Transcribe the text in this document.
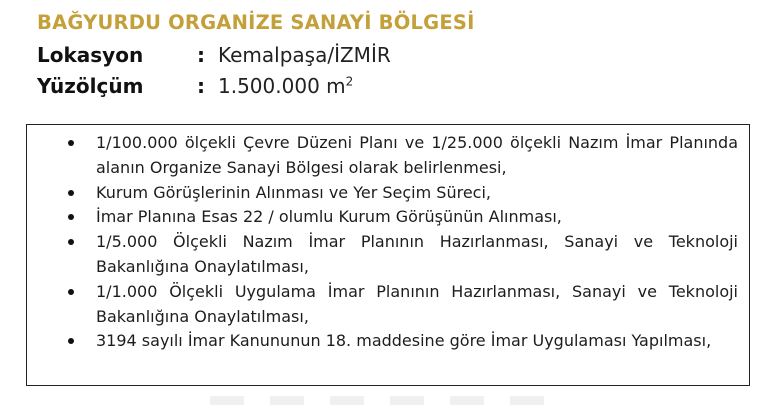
BAĞYURDU ORGANİZE SANAYİ BÖLGESİ
Lokasyon	: Kemalpaşa/İZMİR
Yüzölçüm	: 1.500.000 $m^2$
1/100.000 ölçekli Çevre Düzeni Planı ve 1/25.000 ölçekli Nazım İmar Planında alanın Organize Sanayi Bölgesi olarak belirlenmesi,
Kurum Görüşlerinin Alınması ve Yer Seçim Süreci,
İmar Planına Esas 22 / olumlu Kurum Görüşünün Alınması,
1/5.000 Ölçekli Nazım İmar Planının Hazırlanması, Sanayi ve Teknoloji Bakanlığına Onaylatılması,
1/1.000 Ölçekli Uygulama İmar Planının Hazırlanması, Sanayi ve Teknoloji Bakanlığına Onaylatılması,
3194 sayılı İmar Kanununun 18. maddesine göre İmar Uygulaması Yapılması,
